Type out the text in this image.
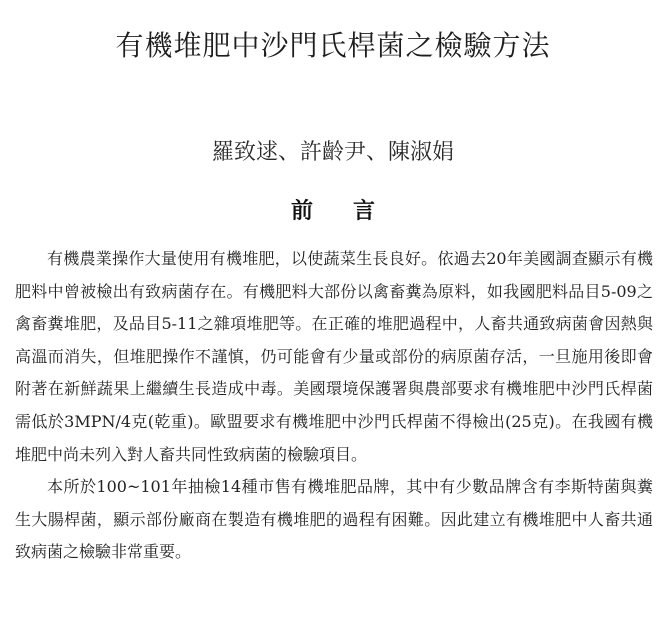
有機堆肥中沙門氏桿菌之檢驗方法
羅致逑、許齡尹、陳淑娟
前言

有機農業操作大量使用有機堆肥，以使蔬菜生長良好。依過去20年美國調查顯示有機肥料中曾被檢出有致病菌存在。有機肥料大部份以禽畜糞為原料，如我國肥料品目5-09之禽畜糞堆肥，及品目5-11之雜項堆肥等。在正確的堆肥過程中，人畜共通致病菌會因熱與高溫而消失，但堆肥操作不謹慎，仍可能會有少量或部份的病原菌存活，一旦施用後即會附著在新鮮蔬果上繼續生長造成中毒。美國環境保護署與農部要求有機堆肥中沙門氏桿菌需低於3MPN/4克(乾重)。歐盟要求有機堆肥中沙門氏桿菌不得檢出(25克)。在我國有機堆肥中尚未列入對人畜共同性致病菌的檢驗項目。

本所於100~101年抽檢14種市售有機堆肥品牌，其中有少數品牌含有李斯特菌與糞生大腸桿菌，顯示部份廠商在製造有機堆肥的過程有困難。因此建立有機堆肥中人畜共通致病菌之檢驗非常重要。
